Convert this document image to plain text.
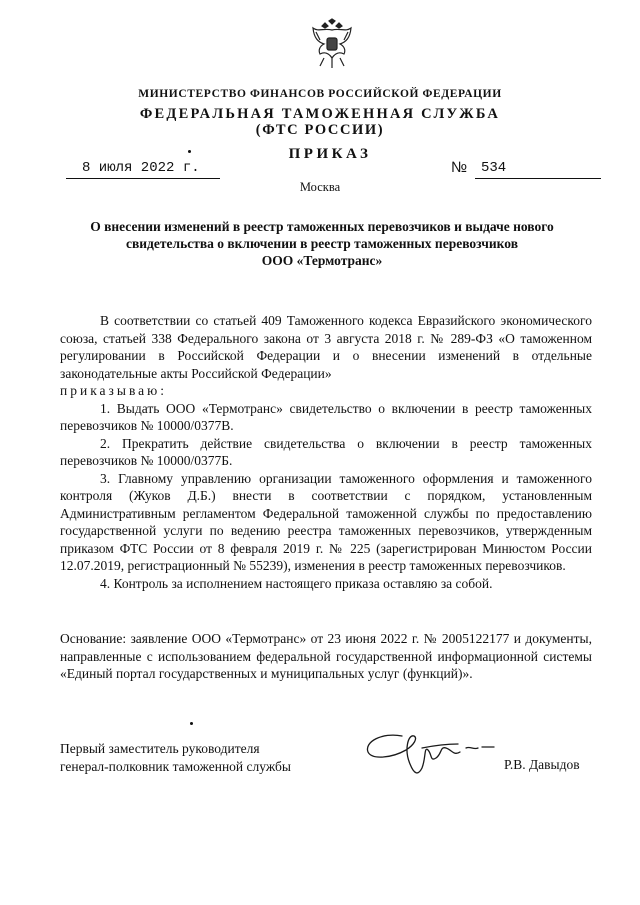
МИНИСТЕРСТВО ФИНАНСОВ РОССИЙСКОЙ ФЕДЕРАЦИИ
ФЕДЕРАЛЬНАЯ ТАМОЖЕННАЯ СЛУЖБА
(ФТС РОССИИ)
ПРИКАЗ
8 июля 2022 г.	№ 534
Москва
О внесении изменений в реестр таможенных перевозчиков и выдаче нового
свидетельства о включении в реестр таможенных перевозчиков
ООО «Термотранс»

В соответствии со статьей 409 Таможенного кодекса Евразийского экономического союза, статьей 338 Федерального закона от 3 августа 2018 г. № 289-ФЗ «О таможенном регулировании в Российской Федерации и о внесении изменений в отдельные законодательные акты Российской Федерации»

приказываю:

1. Выдать ООО «Термотранс» свидетельство о включении в реестр таможенных перевозчиков № 10000/0377В.

2. Прекратить действие свидетельства о включении в реестр таможенных перевозчиков № 10000/0377Б.

3. Главному управлению организации таможенного оформления и таможенного контроля (Жуков Д.Б.) внести в соответствии с порядком, установленным Административным регламентом Федеральной таможенной службы по предоставлению государственной услуги по ведению реестра таможенных перевозчиков, утвержденным приказом ФТС России от 8 февраля 2019 г. № 225 (зарегистрирован Минюстом России 12.07.2019, регистрационный № 55239), изменения в реестр таможенных перевозчиков.

4. Контроль за исполнением настоящего приказа оставляю за собой.

Основание: заявление ООО «Термотранс» от 23 июня 2022 г. № 2005122177 и документы, направленные с использованием федеральной государственной информационной системы «Единый портал государственных и муниципальных услуг (функций)».

Первый заместитель руководителя
генерал-полковник таможенной службы	Р.В. Давыдов
